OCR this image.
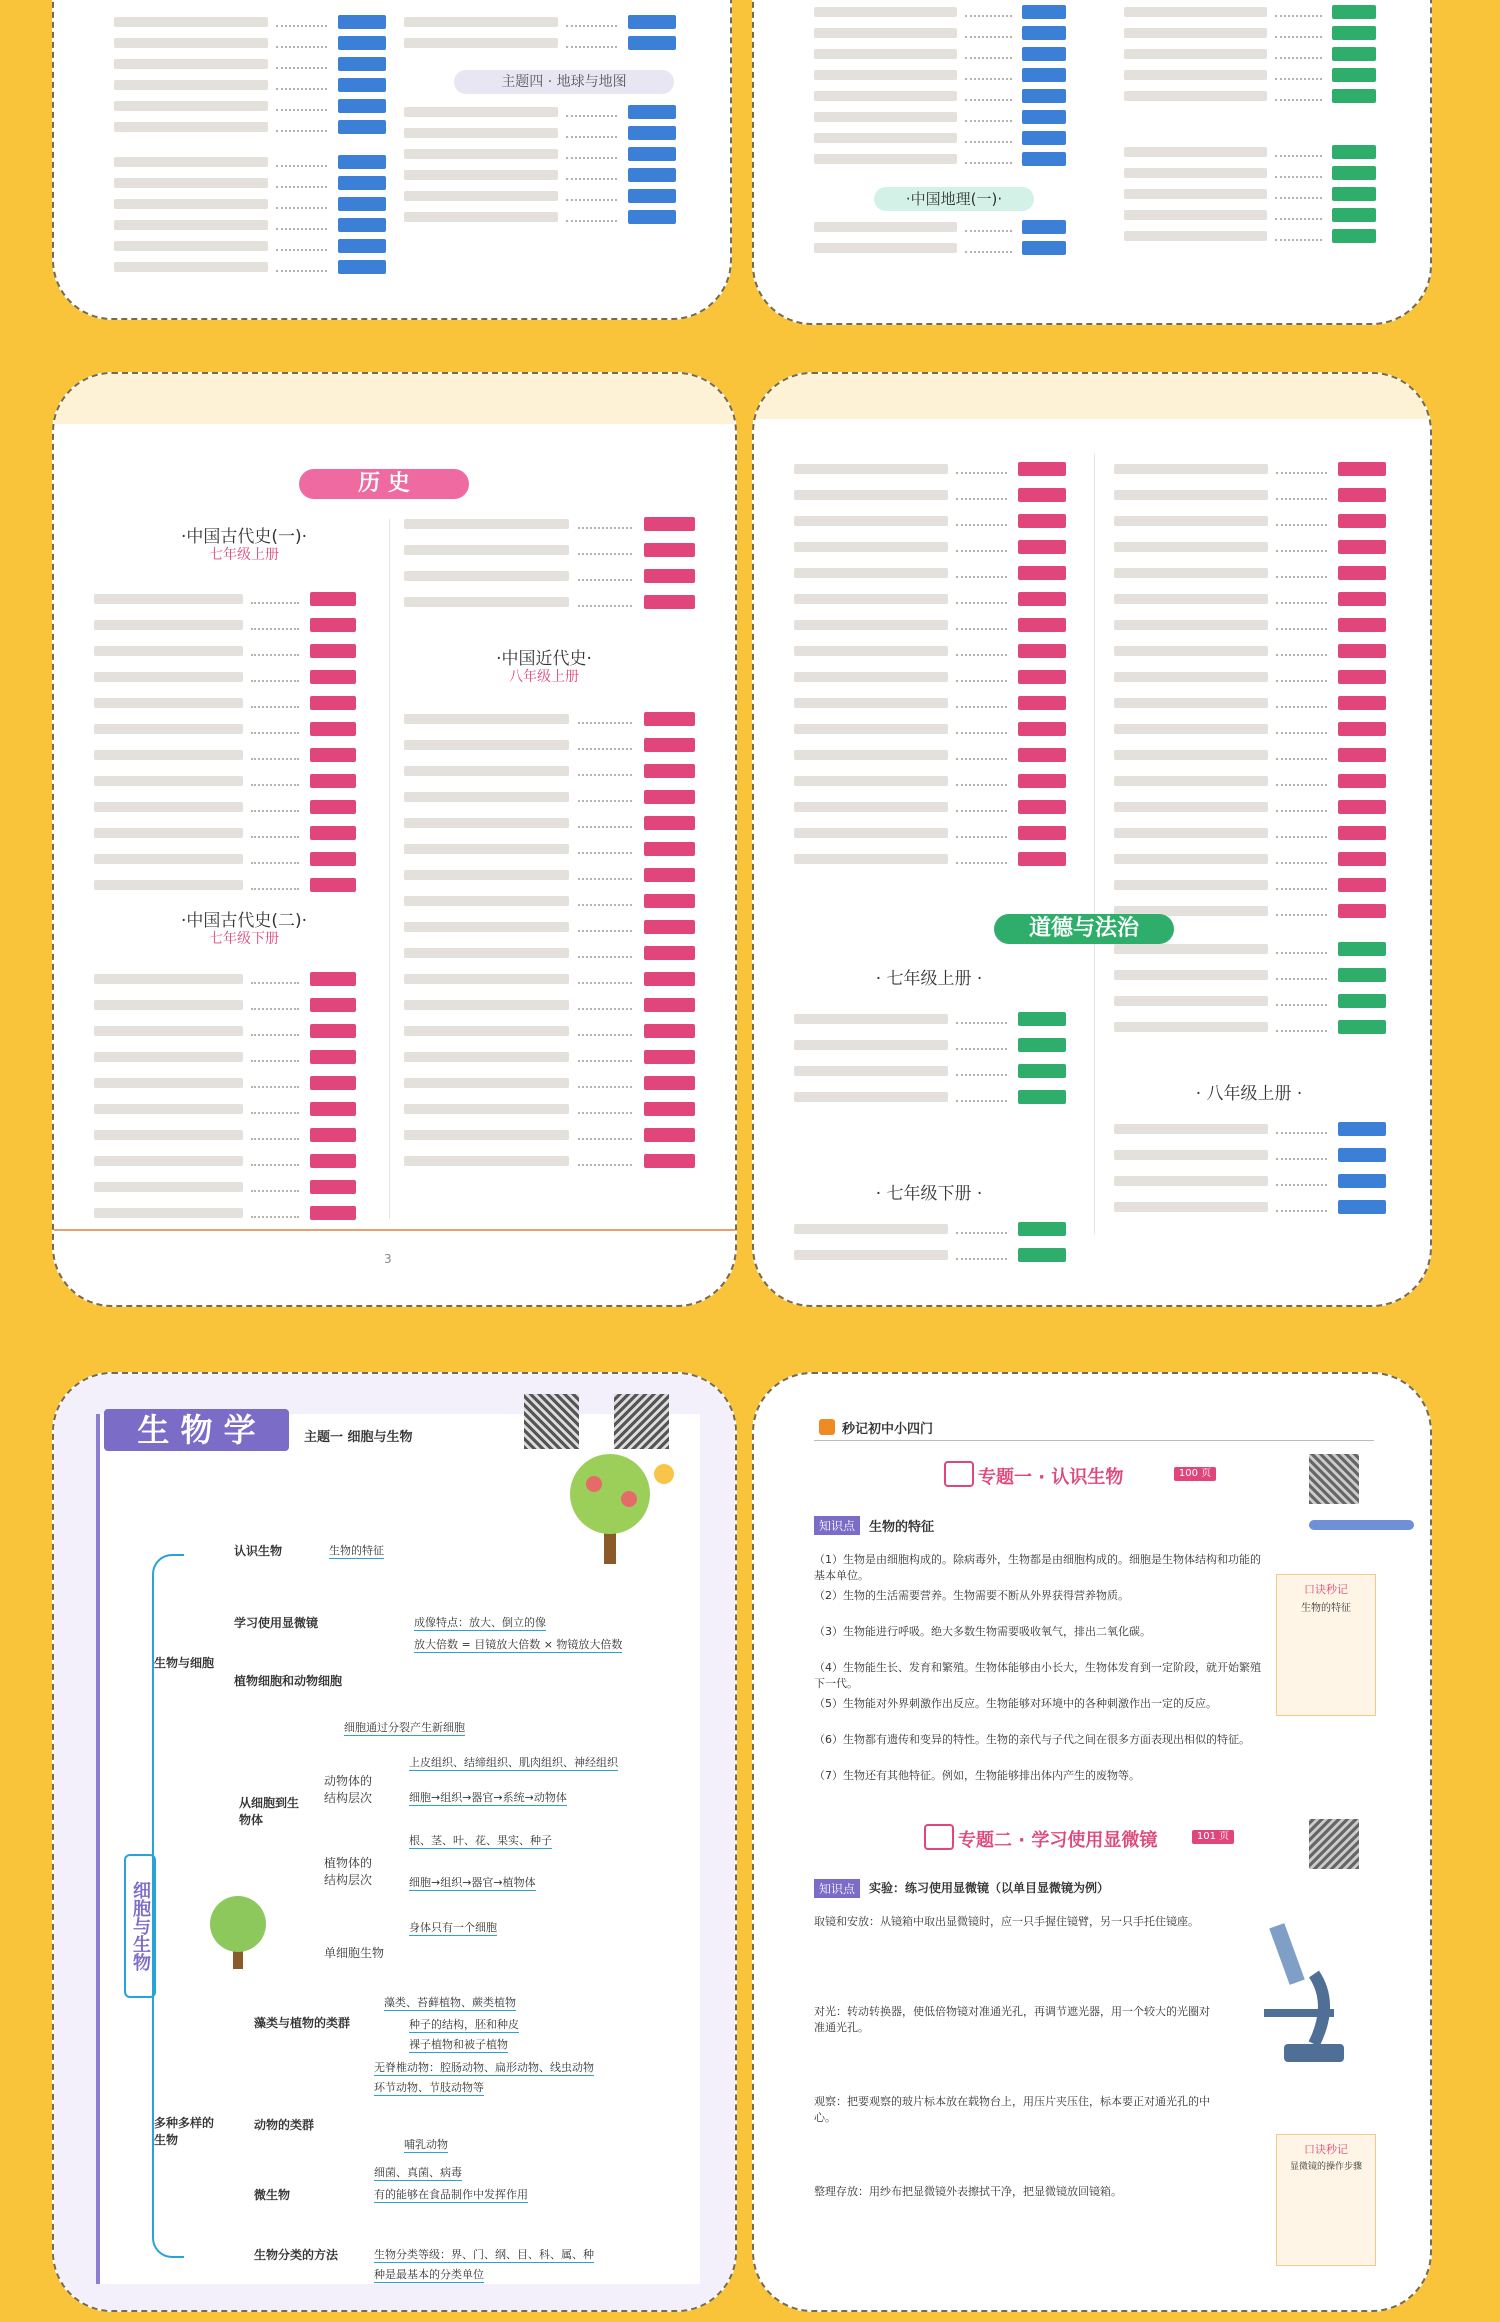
主题四 · 地球与地图
·中国地理(一)·
历 史
·中国古代史(一)·
七年级上册
·中国古代史(二)·
七年级下册
·中国近代史·
八年级上册
3
道德与法治
· 七年级上册 ·
· 七年级下册 ·
· 八年级上册 ·
生 物 学	主题一 细胞与生物
细胞与生物
生物与细胞
从细胞到生物体
多种多样的生物
认识生物
学习使用显微镜
植物细胞和动物细胞
动物体的结构层次
植物体的结构层次
单细胞生物
藻类与植物的类群
动物的类群
微生物
生物分类的方法
生物的特征
成像特点：放大、倒立的像
放大倍数 = 目镜放大倍数 × 物镜放大倍数
细胞通过分裂产生新细胞
上皮组织、结缔组织、肌肉组织、神经组织
细胞→组织→器官→系统→动物体
根、茎、叶、花、果实、种子
细胞→组织→器官→植物体
身体只有一个细胞
藻类、苔藓植物、蕨类植物
种子的结构，胚和种皮
裸子植物和被子植物
无脊椎动物：腔肠动物、扁形动物、线虫动物
环节动物、节肢动物等
哺乳动物
细菌、真菌、病毒
有的能够在食品制作中发挥作用
生物分类等级：界、门、纲、目、科、属、种
种是最基本的分类单位
秒记初中小四门
专题一 · 认识生物	100 页
知识点	生物的特征
（1）生物是由细胞构成的。除病毒外，生物都是由细胞构成的。细胞是生物体结构和功能的基本单位。
（2）生物的生活需要营养。生物需要不断从外界获得营养物质。
（3）生物能进行呼吸。绝大多数生物需要吸收氧气，排出二氧化碳。
（4）生物能生长、发育和繁殖。生物体能够由小长大，生物体发育到一定阶段，就开始繁殖下一代。
（5）生物能对外界刺激作出反应。生物能够对环境中的各种刺激作出一定的反应。
（6）生物都有遗传和变异的特性。生物的亲代与子代之间在很多方面表现出相似的特征。
（7）生物还有其他特征。例如，生物能够排出体内产生的废物等。
口诀秒记
生物的特征
专题二 · 学习使用显微镜	101 页
知识点	实验：练习使用显微镜（以单目显微镜为例）
取镜和安放：从镜箱中取出显微镜时，应一只手握住镜臂，另一只手托住镜座。
对光：转动转换器，使低倍物镜对准通光孔，再调节遮光器，用一个较大的光圈对准通光孔。
观察：把要观察的玻片标本放在载物台上，用压片夹压住，标本要正对通光孔的中心。
整理存放：用纱布把显微镜外表擦拭干净，把显微镜放回镜箱。
口诀秒记
显微镜的操作步骤
